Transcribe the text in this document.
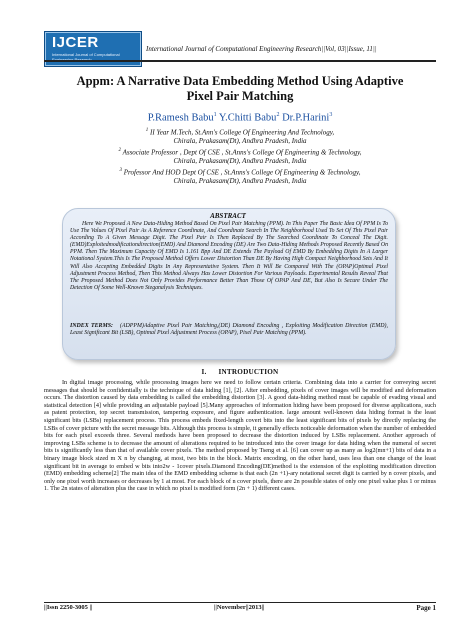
IJCER
International Journal of Computational Engineering Research
International Journal of Computational Engineering Research||Vol, 03||Issue, 11||
Appm: A Narrative Data Embedding Method Using Adaptive
Pixel Pair Matching
P.Ramesh Babu$^1$ Y.Chitti Babu$^2$ Dr.P.Harini$^3$
$^1$ II Year M.Tech, St.Ann's College Of Engineering And Technology,
Chirala, Prakasam(Dt), Andhra Pradesh, India
$^2$ Associate Professor , Dept Of CSE , St.Anns's College Of Engineering & Technology,
Chirala, Prakasam(Dt), Andhra Pradesh, India
$^3$ Professor And HOD Dept Of CSE , St.Anns's College Of Engineering & Technology,
Chirala, Prakasam(Dt), Andhra Pradesh, India
ABSTRACT
Here We Proposed A New Data-Hiding Method Based On Pixel Pair Matching (PPM). In This Paper The Basic Idea Of PPM Is To Use The Values Of Pixel Pair As A Reference Coordinate, And Coordinate Search In The Neighborhood Used To Set Of This Pixel Pair According To A Given Message Digit. The Pixel Pair Is Then Replaced By The Searched Coordinate To Conceal The Digit.(EMD)Exploitedmodificationdirection(EMD) And Diamond Encoding (DE) Are Two Data-Hiding Methods Proposed Recently Based On PPM. Then The Maximum Capacity Of EMD Is 1.161 Bpp And DE Extends The Payload Of EMD By Embedding Digits In A Larger Notational System.This Is The Proposed Method Offers Lower Distortion Than DE By Having High Compact Neighborhood Sets And It Will Also Accepting Embedded Digits In Any Representative System. Then It Will Be Compared With The (OPAP)Optimal Pixel Adjustment Process Method, Then This Method Always Has Lower Distortion For Various Payloads. Experimental Results Reveal That The Proposed Method Does Not Only Provides Performance Better Than Those Of OPAP And DE, But Also Is Secure Under The Detection Of Some Well-Known Steganalysis Techniques.
INDEX TERMS: (ADPPM)Adaptive Pixel Pair Matching,(DE) Diamond Encoding , Exploiting Modification Direction (EMD), Least Significant Bit (LSB), Optimal Pixel Adjustment Process (OPAP), Pixel Pair Matching (PPM).
I.      INTRODUCTION
In digital image processing, while processing images here we need to follow certain criteria. Combining data into a carrier for conveying secret messages that should be confidentially is the technique of data hiding [1], [2]. After embedding, pixels of cover images will be modified and deformation occurs. The distortion caused by data embedding is called the embedding distortion [3]. A good data-hiding method must be capable of evading visual and statistical detection [4] while providing an adjustable payload [5].Many approaches of information hiding have been proposed for diverse applications, such as patent protection, top secret transmission, tampering exposure, and figure authentication. large amount well-known data hiding format is the least significant bits (LSBs) replacement process. This process embeds fixed-length covert bits into the least significant bits of pixels by directly replacing the LSBs of cover picture with the secret message bits. Although this process is simple, it generally effects noticeable deformation when the number of embedded bits for each pixel exceeds three. Several methods have been proposed to decrease the distortion induced by LSBs replacement. Another approach of improving LSBs scheme is to decrease the amount of alterations required to be introduced into the cover image for data hiding when the numeral of secret bits is significantly less than that of available cover pixels. The method proposed by Tseng et al. [6] can cover up as many as log2(mn+1) bits of data in a binary image block sized m X n by changing, at most, two bits in the block. Matrix encoding, on the other hand, uses less than one change of the least significant bit in average to embed w bits into2w - 1cover pixels.Diamond Encoding(DE)method is the extension of the exploiting modification direction (EMD) embedding scheme[2] The main idea of the EMD embedding scheme is that each (2n +1)-ary notational secret digit is carried by n cover pixels, and only one pixel worth increases or decreases by 1 at most. For each block of n cover pixels, there are 2n possible states of only one pixel value plus 1 or minus 1. The 2n states of alteration plus the case in which no pixel is modified form (2n + 1) different cases.
||Issn 2250-3005 ||	||November||2013||	Page 1
